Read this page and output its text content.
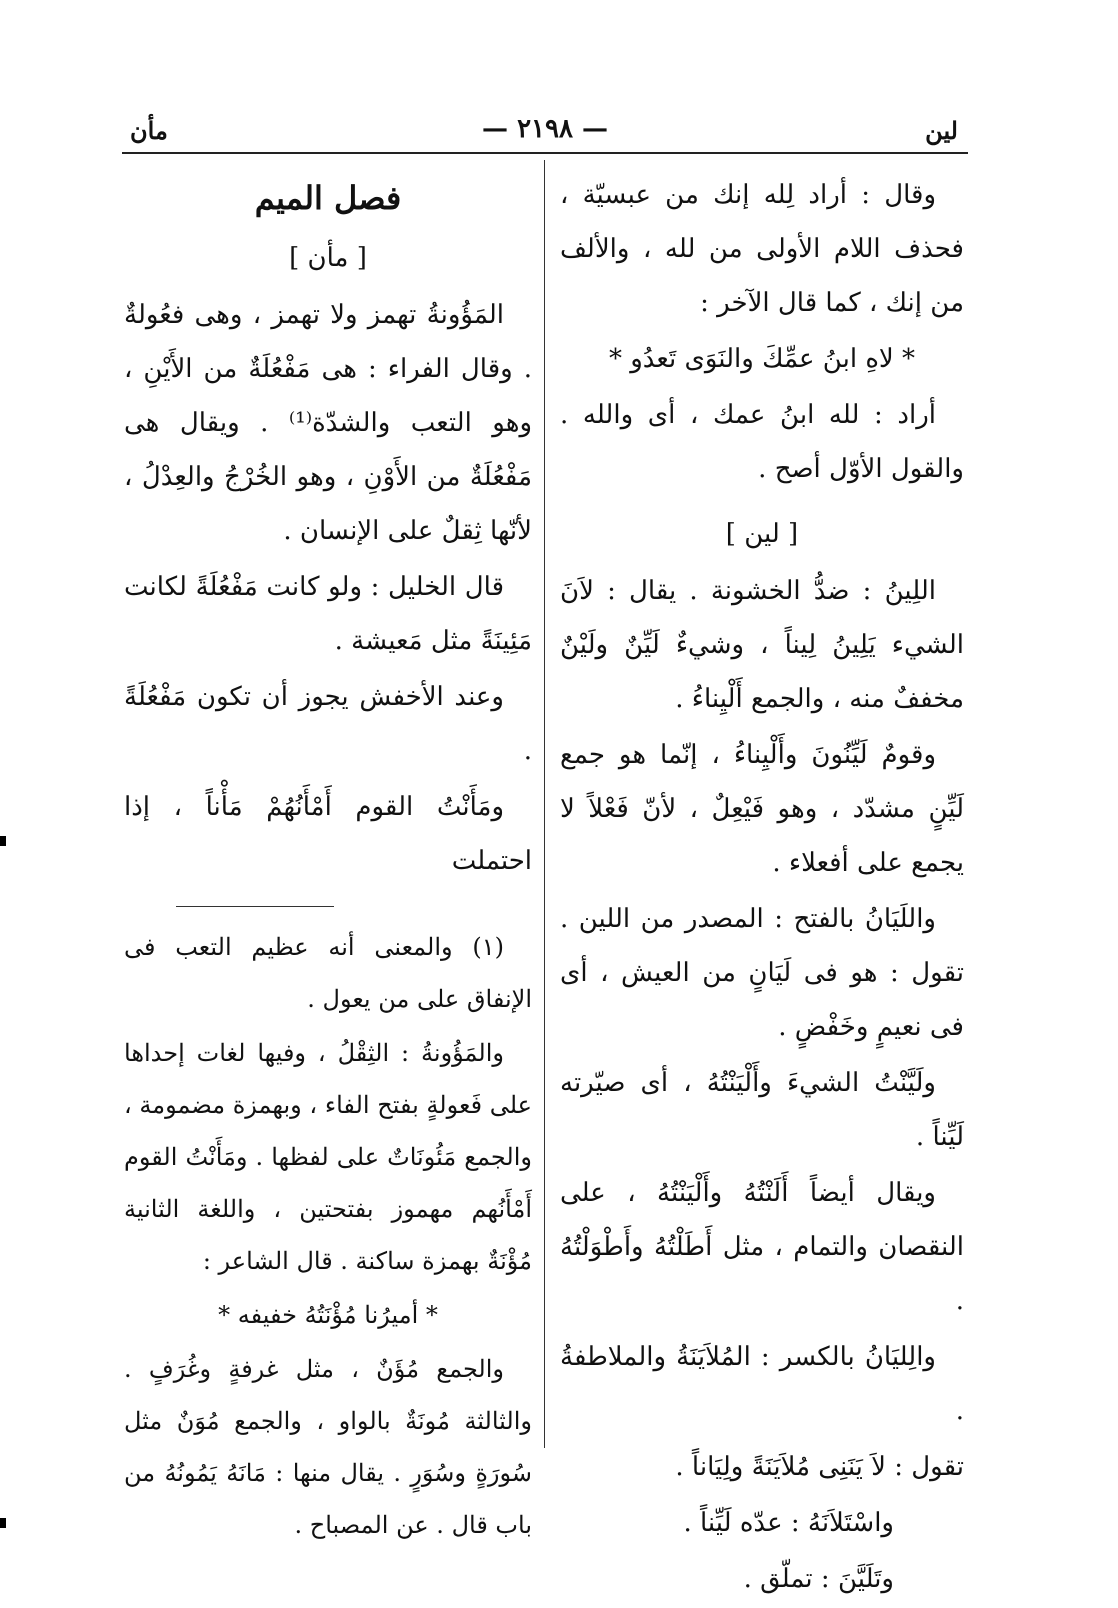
لين
— ٢١٩٨ —
مأن

وقال : أراد لِله إنك من عبسيّة ، فحذف اللام الأولى من لله ، والألف من إنك ، كما قال الآخر :

* لاهِ ابنُ عمِّكَ والنَوَى تَعدُو *

أراد : لله ابنُ عمك ، أى والله . والقول الأوّل أصح .

[ لين ]

اللِينُ : ضدُّ الخشونة . يقال : لاَنَ الشيء يَلِينُ لِيناً ، وشيءٌ لَيِّنٌ ولَيْنٌ مخففٌ منه ، والجمع أَلْيِناءُ .

وقومٌ لَيِّنُونَ وأَلْيِناءُ ، إنّما هو جمع لَيِّنٍ مشدّد ، وهو فَيْعِلٌ ، لأنّ فَعْلاً لا يجمع على أفعلاء .

واللَيَانُ بالفتح : المصدر من اللين . تقول : هو فى لَيَانٍ من العيش ، أى فى نعيمٍ وخَفْضٍ .

ولَيَّنْتُ الشيءَ وأَلْيَنْتُهُ ، أى صيّرته لَيِّناً .

ويقال أيضاً أَلَنْتُهُ وأَلْيَنْتُهُ ، على النقصان والتمام ، مثل أَطَلْتُهُ وأَطْوَلْتُهُ .

والِليَانُ بالكسر : المُلاَيَنَةُ والملاطفةُ .

تقول : لاَ يَنَنِى مُلاَيَنَةً ولِيَاناً .

واسْتَلاَنَهُ : عدّه لَيِّناً .

وتَلَيَّنَ : تملّق .

فصل الميم

[ مأن ]

المَؤُونةُ تهمز ولا تهمز ، وهى فعُولةٌ . وقال الفراء : هى مَفْعُلَةٌ من الأَيْنِ ، وهو التعب والشدّة⁽¹⁾ . ويقال هى مَفْعُلَةٌ من الأَوْنِ ، وهو الخُرْجُ والعِدْلُ ، لأنّها ثِقلٌ على الإنسان .

قال الخليل : ولو كانت مَفْعُلَةً لكانت مَئِينَةً مثل مَعيشة .

وعند الأخفش يجوز أن تكون مَفْعُلَةً .

ومَأَنْتُ القوم أَمْأَنُهُمْ مَأْناً ، إذا احتملت

(١) والمعنى أنه عظيم التعب فى الإنفاق على من يعول .

والمَؤُونةُ : الثِقْلُ ، وفيها لغات إحداها على فَعولةٍ بفتح الفاء ، وبهمزة مضمومة ، والجمع مَئُونَاتٌ على لفظها . ومَأَنْتُ القوم أَمْأَنُهم مهموز بفتحتين ، واللغة الثانية مُؤْنَةٌ بهمزة ساكنة . قال الشاعر :

* أميرُنا مُؤْنَتُهُ خفيفه *

والجمع مُؤَنٌ ، مثل غرفةٍ وغُرَفٍ . والثالثة مُونَةٌ بالواو ، والجمع مُوَنٌ مثل سُورَةٍ وسُوَرٍ . يقال منها : مَانَهُ يَمُونُهُ من باب قال . عن المصباح .
